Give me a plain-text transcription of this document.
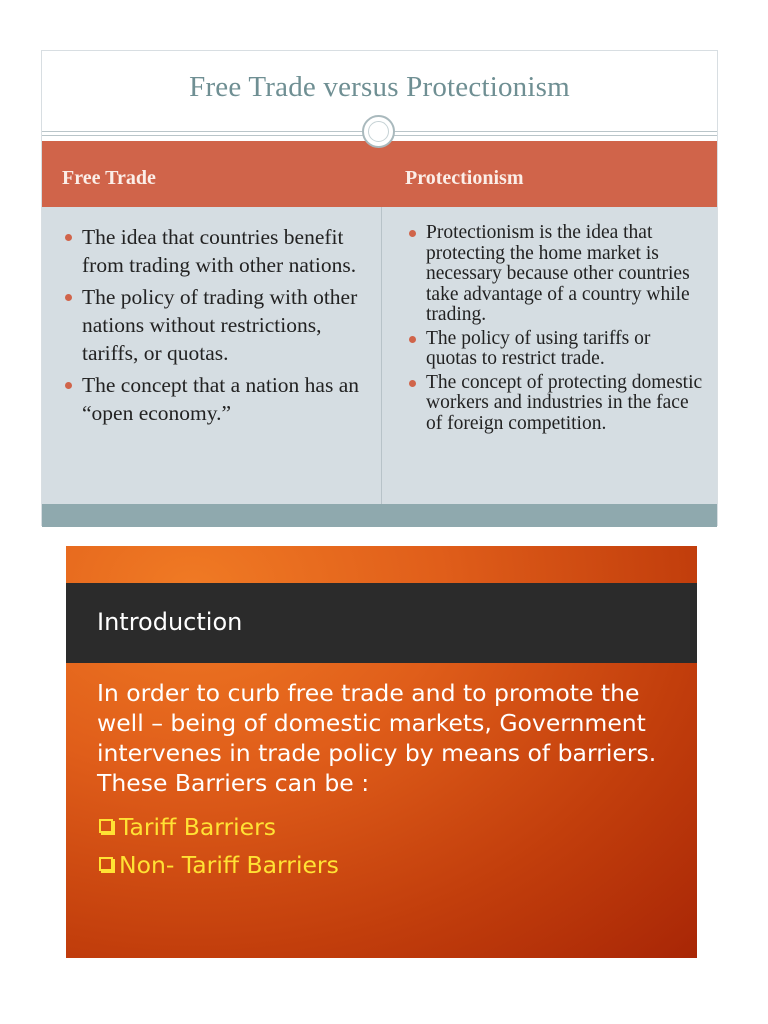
Free Trade versus Protectionism
Free Trade	Protectionism
The idea that countries benefit from trading with other nations.
The policy of trading with other nations without restrictions, tariffs, or quotas.
The concept that a nation has an “open economy.”
Protectionism is the idea that protecting the home market is necessary because other countries take advantage of a country while trading.
The policy of using tariffs or quotas to restrict trade.
The concept of protecting domestic workers and industries in the face of foreign competition.
Introduction
In order to curb free trade and to promote the well – being of domestic markets, Government intervenes in trade policy by means of barriers. These Barriers can be :
Tariff Barriers
Non- Tariff Barriers
